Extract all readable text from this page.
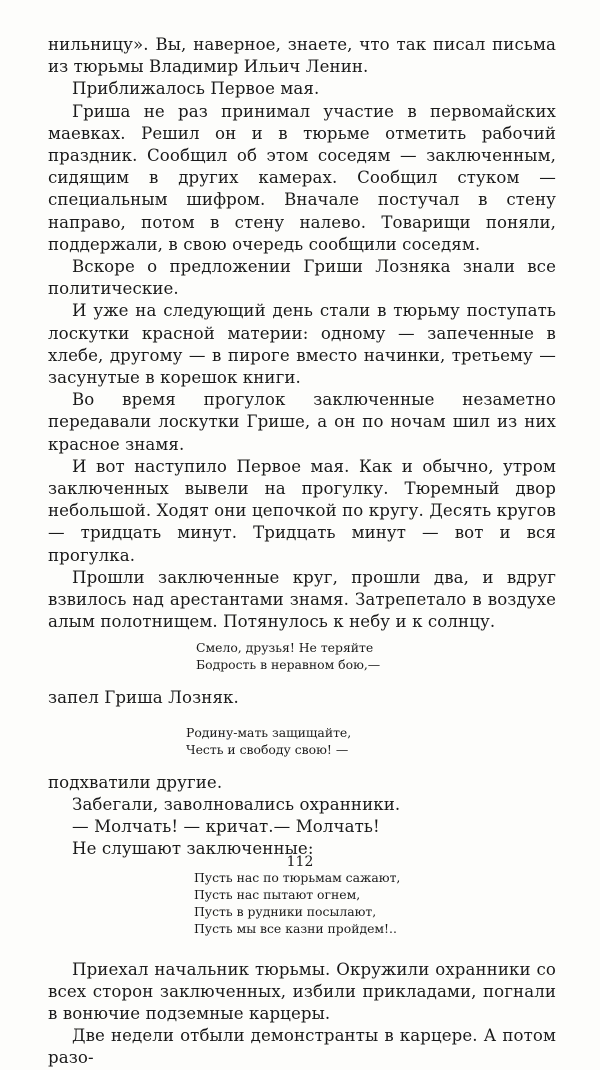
нильницу». Вы, наверное, знаете, что так писал письма из тюрьмы Владимир Ильич Ленин.

Приближалось Первое мая.

Гриша не раз принимал участие в первомайских маевках. Решил он и в тюрьме отметить рабочий праздник. Сообщил об этом соседям — заключенным, сидящим в других камерах. Сообщил стуком — специальным шифром. Вначале постучал в стену направо, потом в стену налево. Товарищи поняли, поддержали, в свою очередь сообщили соседям.

Вскоре о предложении Гриши Лозняка знали все политические.

И уже на следующий день стали в тюрьму поступать лоскутки красной материи: одному — запеченные в хлебе, другому — в пироге вместо начинки, третьему — засунутые в корешок книги.

Во время прогулок заключенные незаметно передавали лоскутки Грише, а он по ночам шил из них красное знамя.

И вот наступило Первое мая. Как и обычно, утром заключенных вывели на прогулку. Тюремный двор небольшой. Ходят они цепочкой по кругу. Десять кругов — тридцать минут. Тридцать минут — вот и вся прогулка.

Прошли заключенные круг, прошли два, и вдруг взвилось над арестантами знамя. Затрепетало в воздухе алым полотнищем. Потянулось к небу и к солнцу.

Смело, друзья! Не теряйте
Бодрость в неравном бою,—

запел Гриша Лозняк.

Родину-мать защищайте,
Честь и свободу свою! —

подхватили другие.

Забегали, заволновались охранники.

— Молчать! — кричат.— Молчать!

Не слушают заключенные:

Пусть нас по тюрьмам сажают,
Пусть нас пытают огнем,
Пусть в рудники посылают,
Пусть мы все казни пройдем!..

Приехал начальник тюрьмы. Окружили охранники со всех сторон заключенных, избили прикладами, погнали в вонючие подземные карцеры.

Две недели отбыли демонстранты в карцере. А потом разо-

112
